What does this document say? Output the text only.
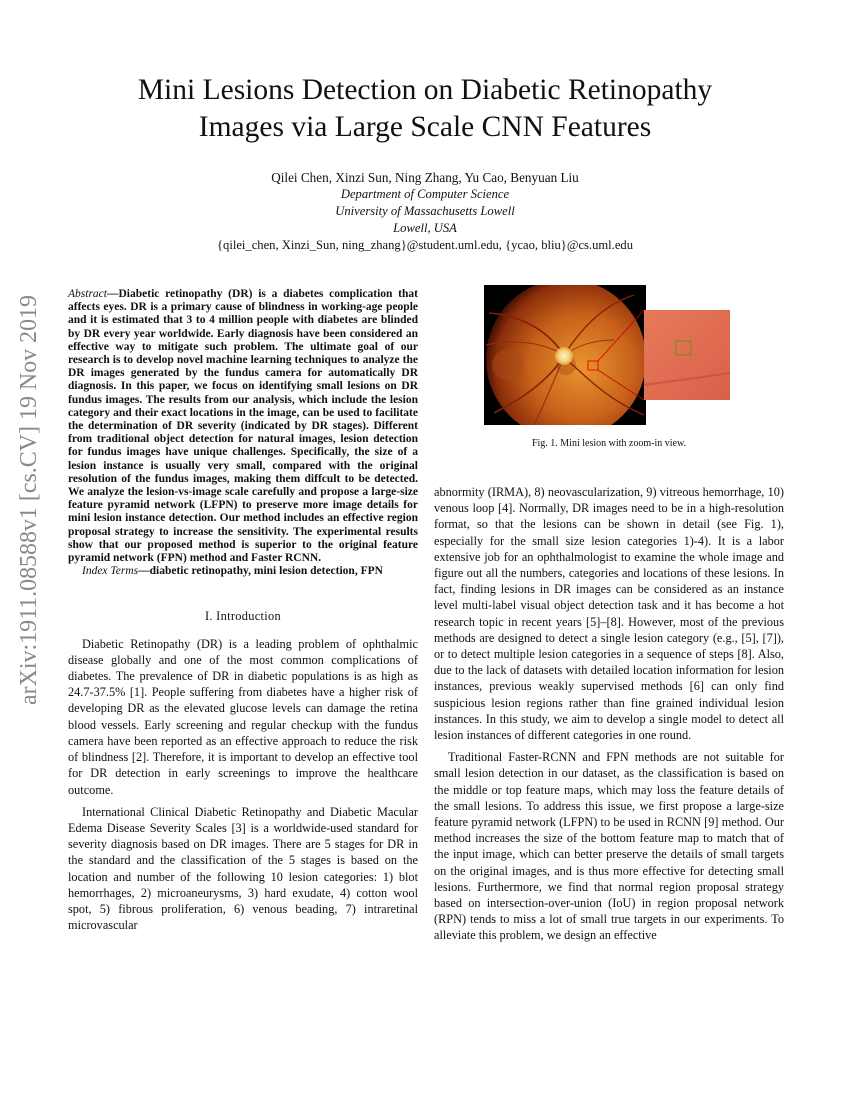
arXiv:1911.08588v1 [cs.CV] 19 Nov 2019
Mini Lesions Detection on Diabetic Retinopathy
Images via Large Scale CNN Features
Qilei Chen, Xinzi Sun, Ning Zhang, Yu Cao, Benyuan Liu
Department of Computer Science
University of Massachusetts Lowell
Lowell, USA
{qilei_chen, Xinzi_Sun, ning_zhang}@student.uml.edu, {ycao, bliu}@cs.uml.edu

Abstract—Diabetic retinopathy (DR) is a diabetes complication that affects eyes. DR is a primary cause of blindness in working-age people and it is estimated that 3 to 4 million people with diabetes are blinded by DR every year worldwide. Early diagnosis have been considered an effective way to mitigate such problem. The ultimate goal of our research is to develop novel machine learning techniques to analyze the DR images generated by the fundus camera for automatically DR diagnosis. In this paper, we focus on identifying small lesions on DR fundus images. The results from our analysis, which include the lesion category and their exact locations in the image, can be used to facilitate the determination of DR severity (indicated by DR stages). Different from traditional object detection for natural images, lesion detection for fundus images have unique challenges. Specifically, the size of a lesion instance is usually very small, compared with the original resolution of the fundus images, making them diffcult to be detected. We analyze the lesion-vs-image scale carefully and propose a large-size feature pyramid network (LFPN) to preserve more image details for mini lesion instance detection. Our method includes an effective region proposal strategy to increase the sensitivity. The experimental results show that our proposed method is superior to the original feature pyramid network (FPN) method and Faster RCNN.

Index Terms—diabetic retinopathy, mini lesion detection, FPN

I. Introduction

Diabetic Retinopathy (DR) is a leading problem of ophthalmic disease globally and one of the most common complications of diabetes. The prevalence of DR in diabetic populations is as high as 24.7-37.5% [1]. People suffering from diabetes have a higher risk of developing DR as the elevated glucose levels can damage the retina blood vessels. Early screening and regular checkup with the fundus camera have been reported as an effective approach to reduce the risk of blindness [2]. Therefore, it is important to develop an effective tool for DR detection in early screenings to improve the healthcare outcome.

International Clinical Diabetic Retinopathy and Diabetic Macular Edema Disease Severity Scales [3] is a worldwide-used standard for severity diagnosis based on DR images. There are 5 stages for DR in the standard and the classification of the 5 stages is based on the location and number of the following 10 lesion categories: 1) blot hemorrhages, 2) microaneurysms, 3) hard exudate, 4) cotton wool spot, 5) fibrous proliferation, 6) venous beading, 7) intraretinal microvascular

Fig. 1. Mini lesion with zoom-in view.

abnormity (IRMA), 8) neovascularization, 9) vitreous hemorrhage, 10) venous loop [4]. Normally, DR images need to be in a high-resolution format, so that the lesions can be shown in detail (see Fig. 1), especially for the small size lesion categories 1)-4). It is a labor extensive job for an ophthalmologist to examine the whole image and figure out all the numbers, categories and locations of these lesions. In fact, finding lesions in DR images can be considered as an instance level multi-label visual object detection task and it has become a hot research topic in recent years [5]–[8]. However, most of the previous methods are designed to detect a single lesion category (e.g., [5], [7]), or to detect multiple lesion categories in a sequence of steps [8]. Also, due to the lack of datasets with detailed location information for lesion instances, previous weakly supervised methods [6] can only find suspicious lesion regions rather than fine grained individual lesion instances. In this study, we aim to develop a single model to detect all lesion instances of different categories in one round.

Traditional Faster-RCNN and FPN methods are not suitable for small lesion detection in our dataset, as the classification is based on the middle or top feature maps, which may loss the feature details of the small lesions. To address this issue, we first propose a large-size feature pyramid network (LFPN) to be used in RCNN [9] method. Our method increases the size of the bottom feature map to match that of the input image, which can better preserve the details of small targets on the original images, and is thus more effective for detecting small lesions. Furthermore, we find that normal region proposal strategy based on intersection-over-union (IoU) in region proposal network (RPN) tends to miss a lot of small true targets in our experiments. To alleviate this problem, we design an effective
